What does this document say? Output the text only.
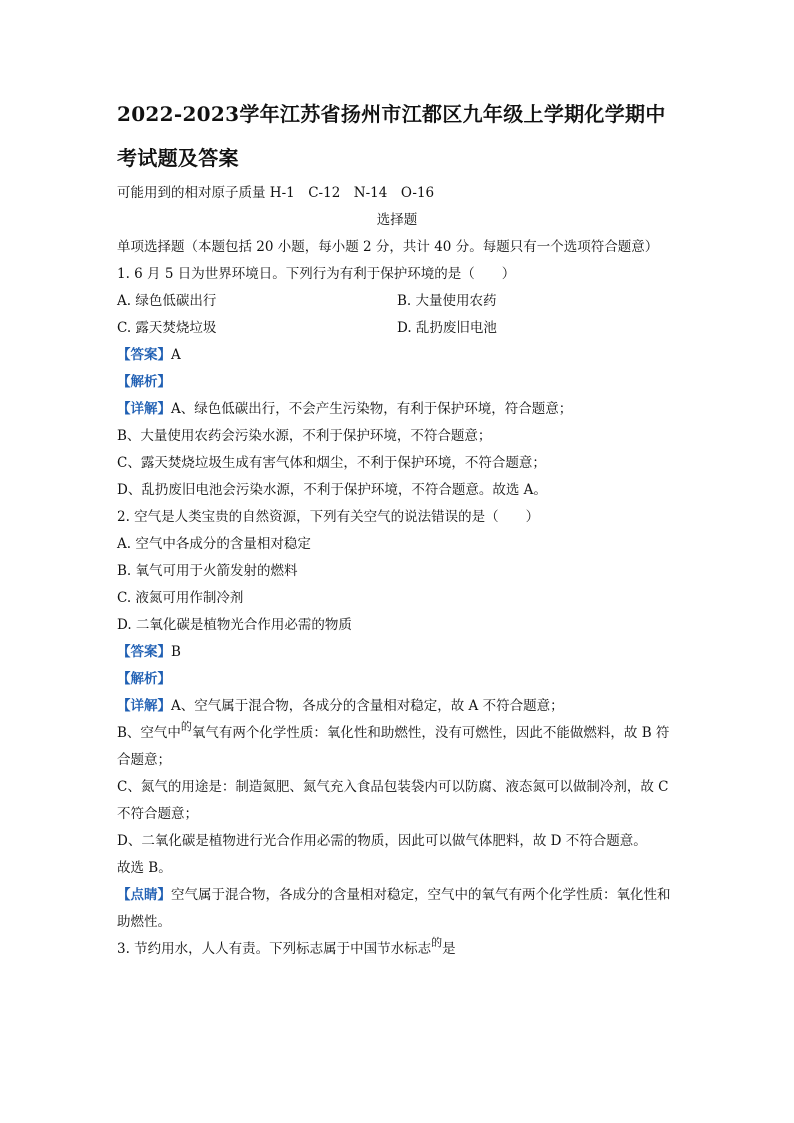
2022-2023学年江苏省扬州市江都区九年级上学期化学期中

考试题及答案

可能用到的相对原子质量 H-1　C-12　N-14　O-16
选择题
单项选择题（本题包括 20 小题，每小题 2 分，共计 40 分。每题只有一个选项符合题意）
1. 6 月 5 日为世界环境日。下列行为有利于保护环境的是（　　）
A. 绿色低碳出行	B. 大量使用农药
C. 露天焚烧垃圾	D. 乱扔废旧电池
【答案】A
【解析】
【详解】A、绿色低碳出行，不会产生污染物，有利于保护环境，符合题意；
B、大量使用农药会污染水源，不利于保护环境，不符合题意；
C、露天焚烧垃圾生成有害气体和烟尘，不利于保护环境，不符合题意；
D、乱扔废旧电池会污染水源，不利于保护环境，不符合题意。故选 A。
2. 空气是人类宝贵的自然资源，下列有关空气的说法错误的是（　　）
A. 空气中各成分的含量相对稳定
B. 氧气可用于火箭发射的燃料
C. 液氮可用作制冷剂
D. 二氧化碳是植物光合作用必需的物质
【答案】B
【解析】
【详解】A、空气属于混合物，各成分的含量相对稳定，故 A 不符合题意；
B、空气中$^的$氧气有两个化学性质：氧化性和助燃性，没有可燃性，因此不能做燃料，故 B 符合题意；
C、氮气的用途是：制造氮肥、氮气充入食品包装袋内可以防腐、液态氮可以做制冷剂，故 C 不符合题意；
D、二氧化碳是植物进行光合作用必需的物质，因此可以做气体肥料，故 D 不符合题意。
故选 B。
【点睛】空气属于混合物，各成分的含量相对稳定，空气中的氧气有两个化学性质：氧化性和助燃性。
3. 节约用水，人人有责。下列标志属于中国节水标志$^的$是
